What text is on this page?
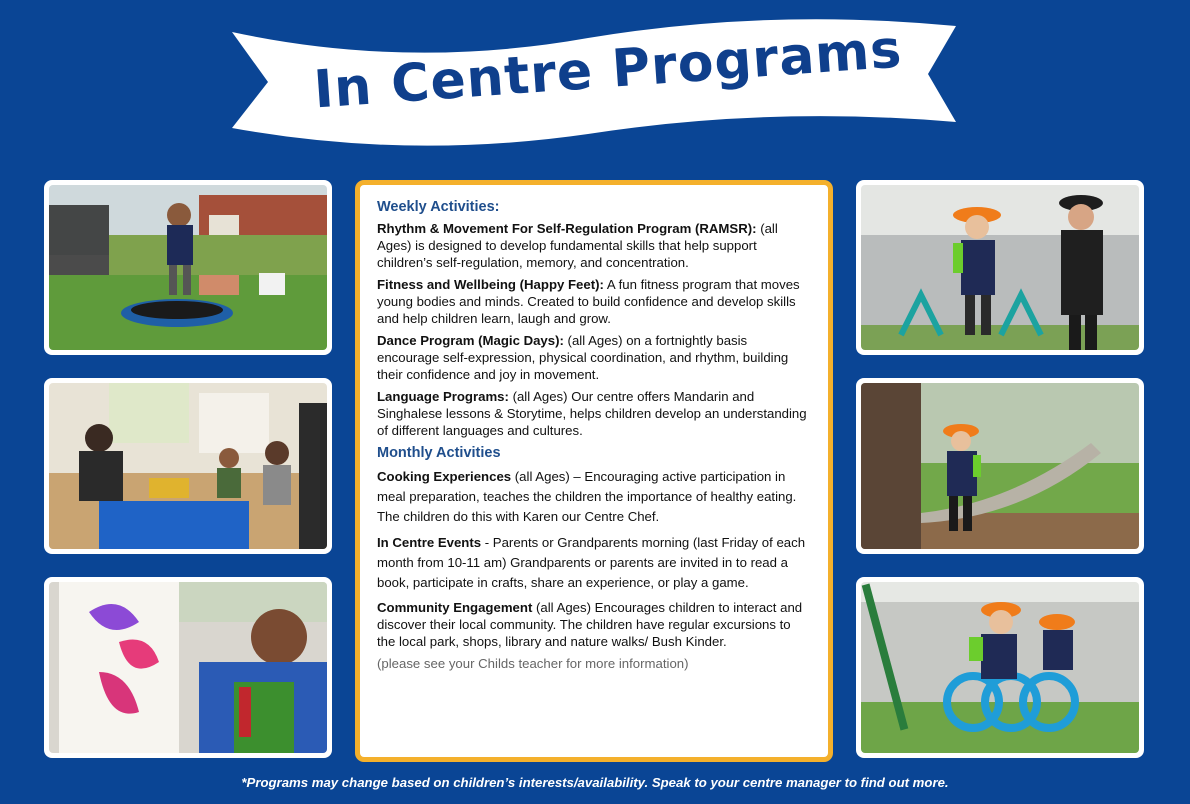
In Centre Programs
Weekly Activities:
Rhythm & Movement For Self-Regulation Program (RAMSR): (all Ages) is designed to develop fundamental skills that help support children’s self-regulation, memory, and concentration.
Fitness and Wellbeing (Happy Feet): A fun fitness program that moves young bodies and minds. Created to build confidence and develop skills and help children learn, laugh and grow.
Dance Program (Magic Days): (all Ages) on a fortnightly basis encourage self-expression, physical coordination, and rhythm, building their confidence and joy in movement.
Language Programs: (all Ages) Our centre offers Mandarin and Singhalese lessons & Storytime, helps children develop an understanding of different languages and cultures.
Monthly Activities
Cooking Experiences (all Ages) – Encouraging active participation in meal preparation, teaches the children the importance of healthy eating. The children do this with Karen our Centre Chef.
In Centre Events - Parents or Grandparents morning (last Friday of each month from 10-11 am) Grandparents or parents are invited in to read a book, participate in crafts, share an experience, or play a game.
Community Engagement (all Ages) Encourages children to interact and discover their local community. The children have regular excursions to the local park, shops, library and nature walks/ Bush Kinder.
(please see your Childs teacher for more information)
*Programs may change based on children’s interests/availability. Speak to your centre manager to find out more.
